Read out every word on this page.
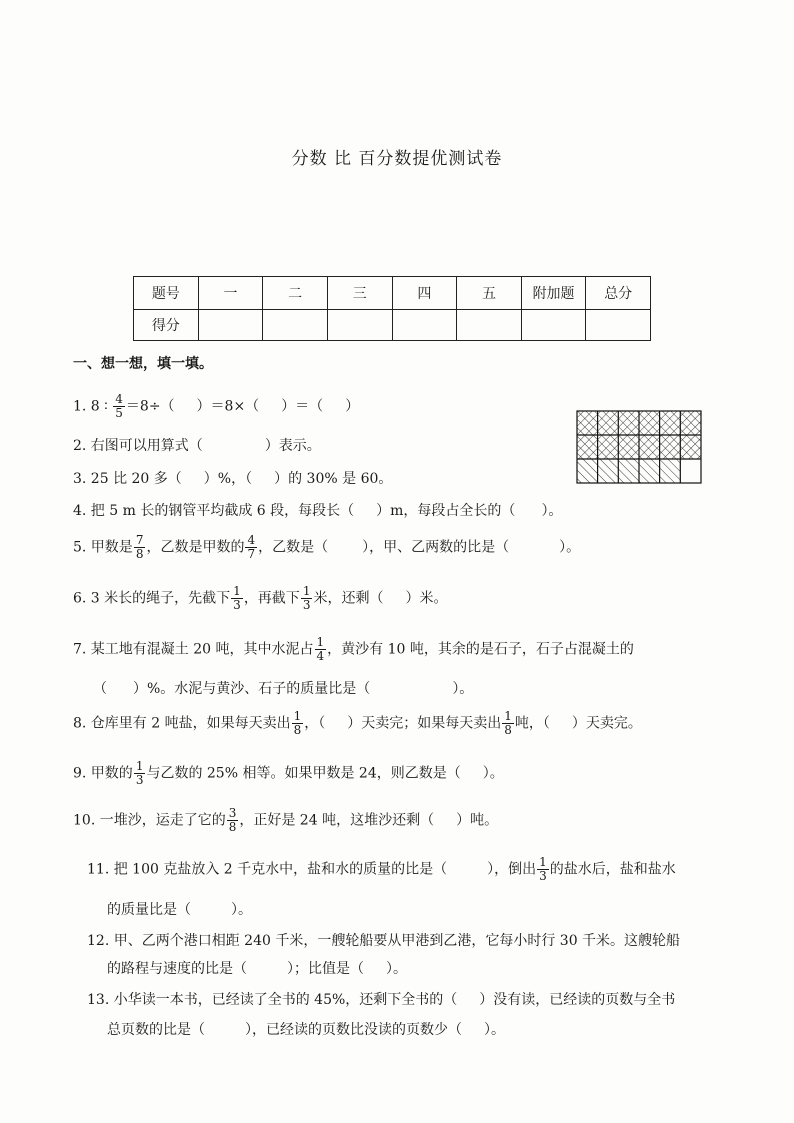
分数 比 百分数提优测试卷
题号	一	二	三	四	五	附加题	总分
得分							
一、想一想，填一填。
1. 8 ∶ $\frac{4}{5} =8\div$（ ）＝8×（ ）＝（ ）
2. 右图可以用算式（	）表示。
3. 25 比 20 多（ ）%，（ ）的 30% 是 60。
4. 把 5 m 长的钢管平均截成 6 段，每段长（ ）m，每段占全长的（ ）。
5. 甲数是 $\frac{7}{8}$ ，乙数是甲数的 $\frac{4}{7}$ ，乙数是（ ），甲、乙两数的比是（	）。
6. 3 米长的绳子，先截下 $\frac{1}{3}$ ，再截下 $\frac{1}{3}$ 米，还剩（ ）米。
7. 某工地有混凝土 20 吨，其中水泥占 $\frac{1}{4}$ ，黄沙有 10 吨，其余的是石子，石子占混凝土的
（ ）%。水泥与黄沙、石子的质量比是（	）。
8. 仓库里有 2 吨盐，如果每天卖出 $\frac{1}{8}$ ，（ ）天卖完；如果每天卖出 $\frac{1}{8}$ 吨，（ ）天卖完。
9. 甲数的 $\frac{1}{3}$ 与乙数的 25% 相等。如果甲数是 24，则乙数是（ ）。
10. 一堆沙，运走了它的 $\frac{3}{8}$ ，正好是 24 吨，这堆沙还剩（ ）吨。
11. 把 100 克盐放入 2 千克水中，盐和水的质量的比是（	），倒出 $\frac{1}{3}$ 的盐水后，盐和盐水
的质量比是（	）。
12. 甲、乙两个港口相距 240 千米，一艘轮船要从甲港到乙港，它每小时行 30 千米。这艘轮船
的路程与速度的比是（	）；比值是（ ）。
13. 小华读一本书，已经读了全书的 45%，还剩下全书的（ ）没有读，已经读的页数与全书
总页数的比是（	），已经读的页数比没读的页数少（ ）。
